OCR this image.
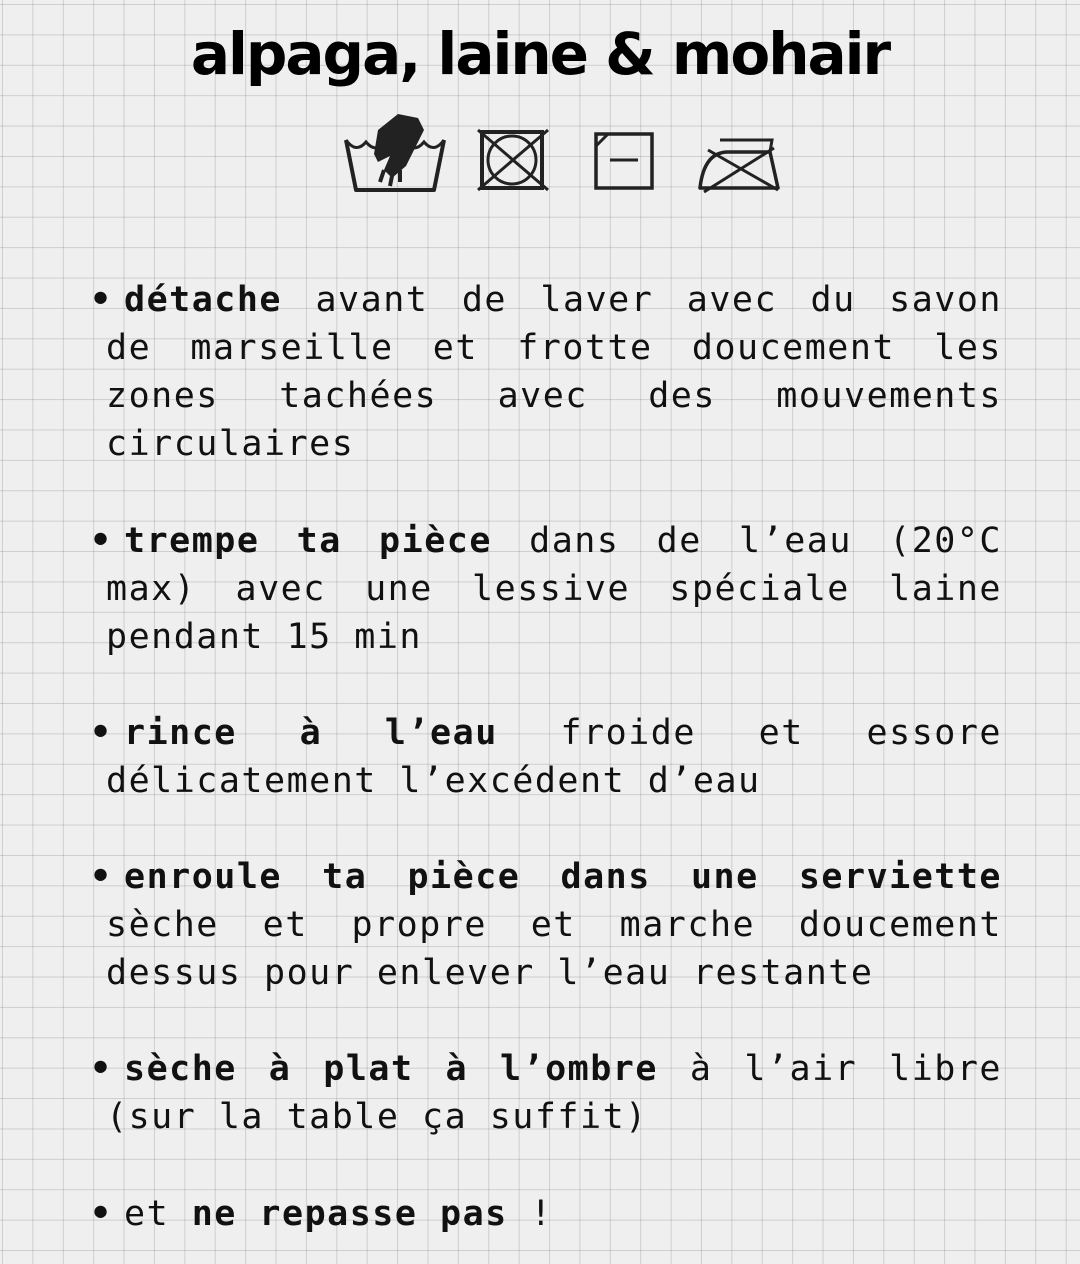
alpaga, laine & mohair

• détache avant de laver avec du savon de marseille et frotte doucement les zones tachées avec des mouvements circulaires

• trempe ta pièce dans de l’eau (20°C max) avec une lessive spéciale laine pendant 15 min

• rince à l’eau froide et essore délicatement l’excédent d’eau

• enroule ta pièce dans une serviette sèche et propre et marche doucement dessus pour enlever l’eau restante

• sèche à plat à l’ombre à l’air libre (sur la table ça suffit)

• et ne repasse pas !
